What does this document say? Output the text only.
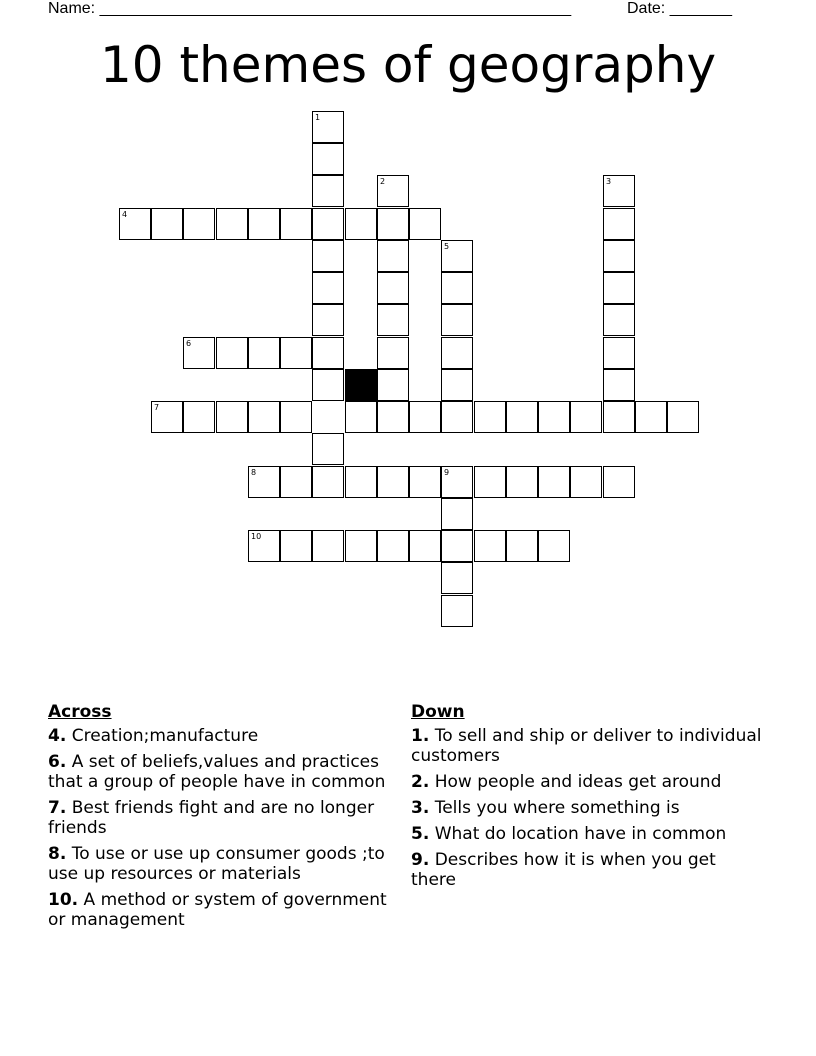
Name: _____________________________________________________	Date: _______
10 themes of geography
1
2	3
4
5
6
7
8	9
10
Across
4. Creation;manufacture
6. A set of beliefs,values and practices that a group of people have in common
7. Best friends fight and are no longer friends
8. To use or use up consumer goods ;to use up resources or materials
10. A method or system of government or management
Down
1. To sell and ship or deliver to individual customers
2. How people and ideas get around
3. Tells you where something is
5. What do location have in common
9. Describes how it is when you get there
